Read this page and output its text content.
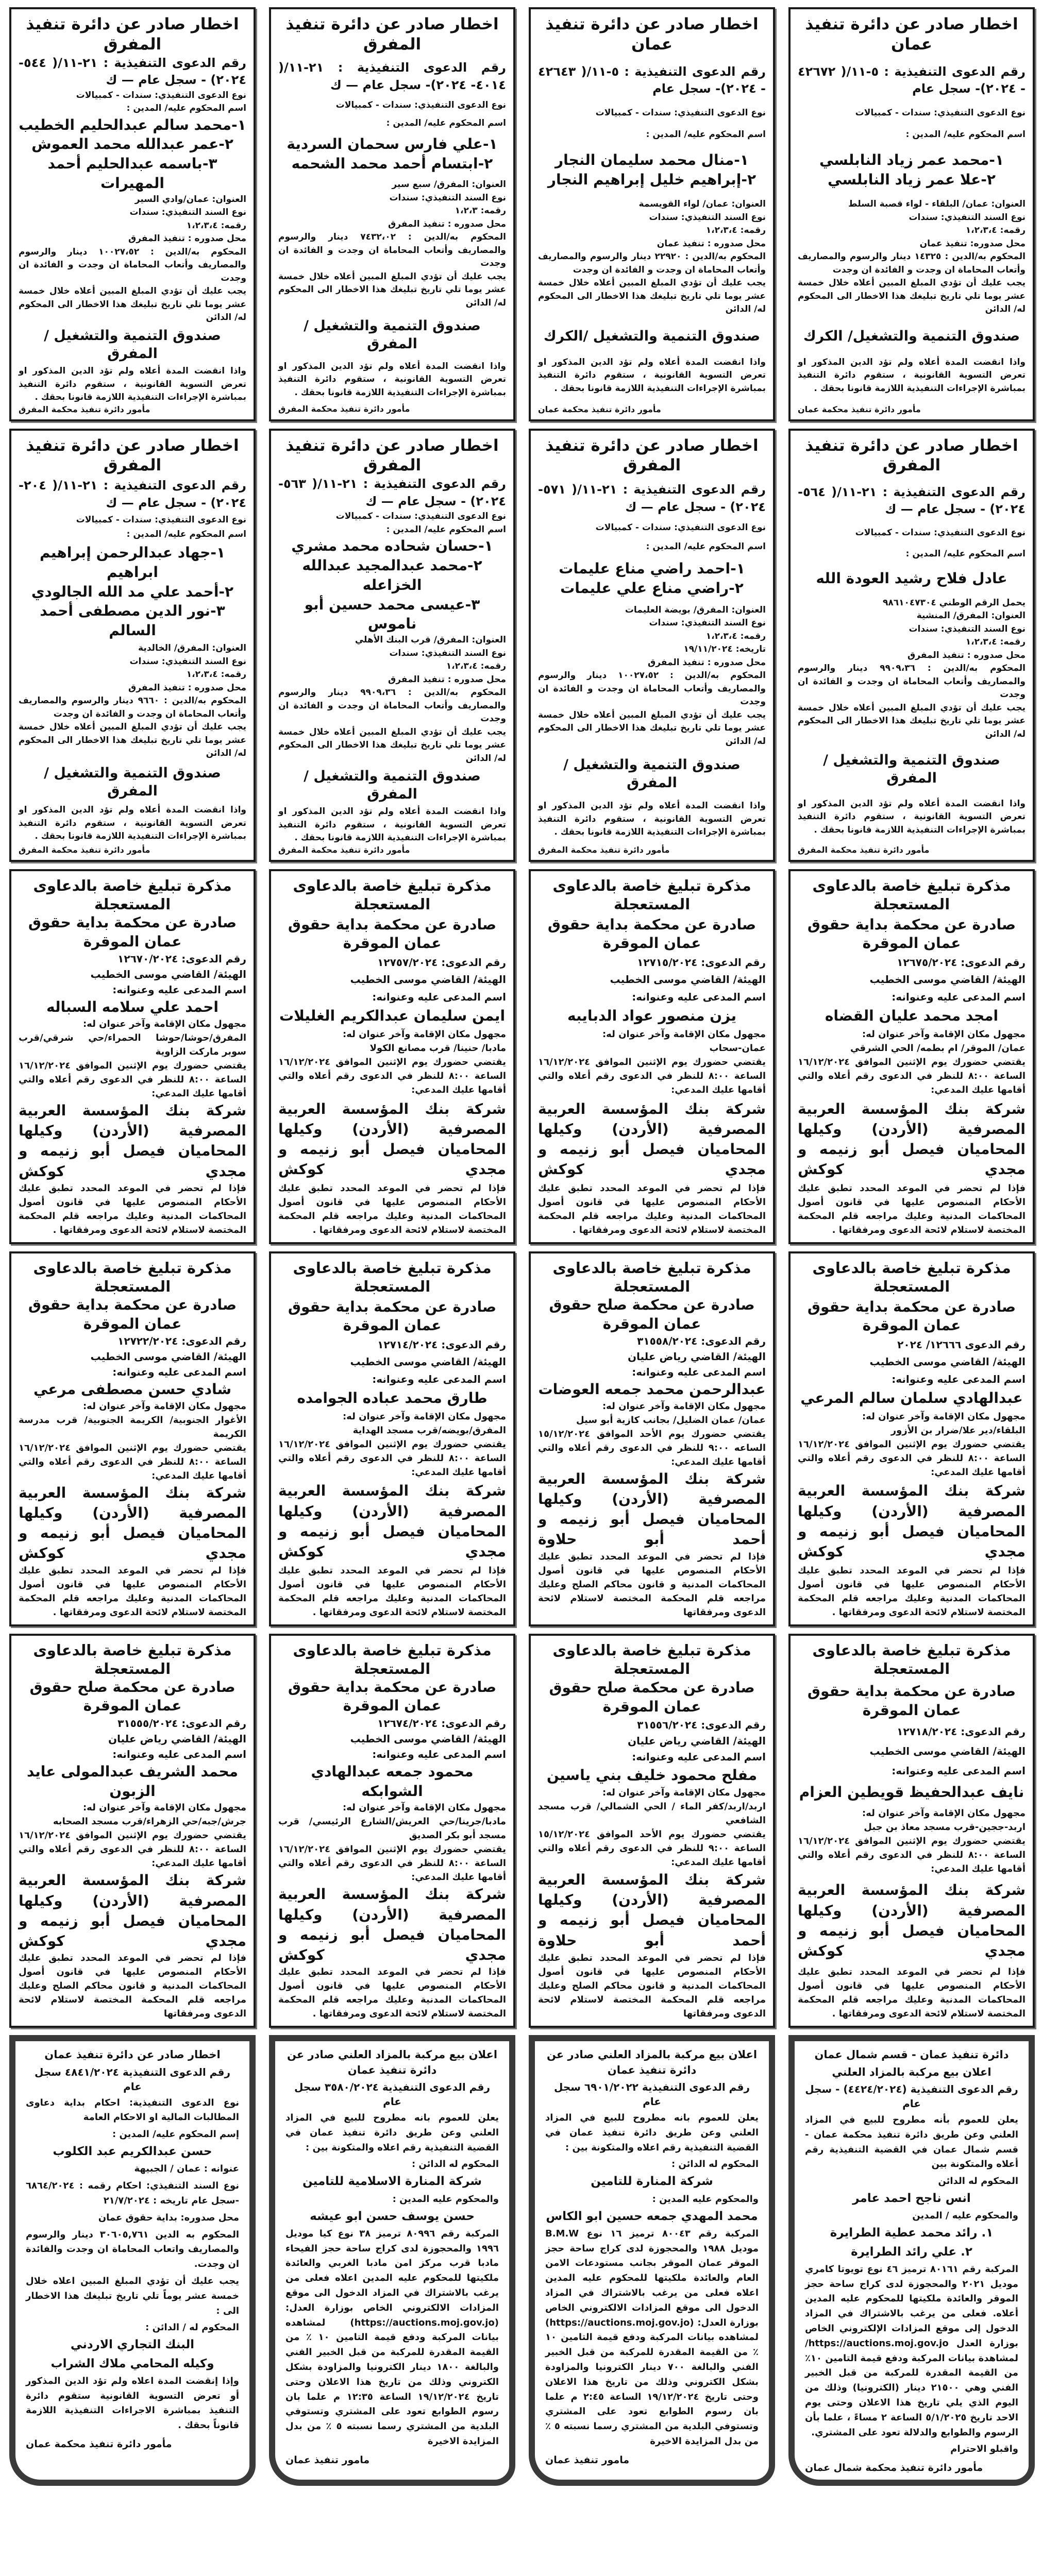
اخطار صادر عن دائرة تنفيذ
عمان
رقم الدعوى التنفيذية : ٥-١١/( ٤٢٦٧٢ - ٢٠٢٤)- سجل عام
نوع الدعوى التنفيذي: سندات - كمبيالات
اسم المحكوم عليه/ المدين :
١-محمد عمر زياد النابلسي
٢-علا عمر زياد النابلسي
العنوان: عمان/ البلقاء - لواء قصبة السلط
نوع السند التنفيذي: سندات
رقمه: ١،٢،٣،٤
محل صدوره: تنفيذ عمان
المحكوم به/الدين : ١٤٣٢٥ دينار والرسوم والمصاريف وأتعاب المحاماة ان وجدت و الفائدة ان وجدت
يجب عليك أن تؤدي المبلغ المبين أعلاه خلال خمسة عشر يوما تلي تاريخ تبليغك هذا الاخطار الى المحكوم له/ الدائن
صندوق التنمية والتشغيل/ الكرك
واذا انقضت المدة أعلاه ولم تؤد الدين المذكور او تعرض التسوية القانونية ، ستقوم دائرة التنفيذ بمباشرة الإجراءات التنفيذية اللازمة قانونا بحقك .
مأمور دائرة تنفيذ محكمة عمان
اخطار صادر عن دائرة تنفيذ
عمان
رقم الدعوى التنفيذية : ٥-١١/( ٤٢٦٤٣ - ٢٠٢٤)- سجل عام
نوع الدعوى التنفيذي: سندات - كمبيالات
اسم المحكوم عليه/ المدين :
١-منال محمد سليمان النجار
٢-إبراهيم خليل إبراهيم النجار
العنوان: عمان/ لواء القويسمة
نوع السند التنفيذي: سندات
رقمه: ١،٢،٣،٤
محل صدوره : تنفيذ عمان
المحكوم به/الدين : ٢٢٩٢٠ دينار والرسوم والمصاريف وأتعاب المحاماة ان وجدت و الفائدة ان وجدت
يجب عليك أن تؤدي المبلغ المبين أعلاه خلال خمسة عشر يوما تلي تاريخ تبليغك هذا الاخطار الى المحكوم له/ الدائن
صندوق التنمية والتشغيل /الكرك
واذا انقضت المدة أعلاه ولم تؤد الدين المذكور او تعرض التسوية القانونية ، ستقوم دائرة التنفيذ بمباشرة الإجراءات التنفيذية اللازمة قانونا بحقك .
مأمور دائرة تنفيذ محكمة عمان
اخطار صادر عن دائرة تنفيذ
المفرق
رقم الدعوى التنفيذية : ٢١-١١/( ٤٠١٤- ٢٠٢٤)- سجل عام — ك
نوع الدعوى التنفيذي: سندات - كمبيالات
اسم المحكوم عليه/ المدين :
١-علي فارس سحمان السردية
٢-ابتسام أحمد محمد الشحمه
العنوان: المفرق/ سبع سير
نوع السند التنفيذي: سندات
رقمه: ١،٢،٣
محل صدوره : تنفيذ المفرق
المحكوم به/الدين : ٧٤٣٢،٠٢ دينار والرسوم والمصاريف وأتعاب المحاماة ان وجدت و الفائدة ان وجدت
يجب عليك أن تؤدي المبلغ المبين أعلاه خلال خمسة عشر يوما تلي تاريخ تبليغك هذا الاخطار الى المحكوم له/ الدائن
صندوق التنمية والتشغيل / المفرق
واذا انقضت المدة أعلاه ولم تؤد الدين المذكور او تعرض التسوية القانونية ، ستقوم دائرة التنفيذ بمباشرة الإجراءات التنفيذية اللازمة قانونا بحقك .
مأمور دائرة تنفيذ محكمة المفرق
اخطار صادر عن دائرة تنفيذ
المفرق
رقم الدعوى التنفيذية : ٢١-١١/( ٥٤٤- ٢٠٢٤) - سجل عام — ك
نوع الدعوى التنفيذي: سندات - كمبيالات
اسم المحكوم عليه/ المدين :
١-محمد سالم عبدالحليم الخطيب
٢-عمر عبدالله محمد العموش
٣-باسمه عبدالحليم أحمد المهيرات
العنوان: عمان/وادي السير
نوع السند التنفيذي: سندات
رقمه: ١،٢،٣،٤
محل صدوره : تنفيذ المفرق
المحكوم به/الدين : ١٠٠٢٧،٥٢ دينار والرسوم والمصاريف وأتعاب المحاماة ان وجدت و الفائدة ان وجدت
يجب عليك أن تؤدي المبلغ المبين أعلاه خلال خمسة عشر يوما تلي تاريخ تبليغك هذا الاخطار الى المحكوم له/ الدائن
صندوق التنمية والتشغيل / المفرق
واذا انقضت المدة أعلاه ولم تؤد الدين المذكور او تعرض التسوية القانونية ، ستقوم دائرة التنفيذ بمباشرة الإجراءات التنفيذية اللازمة قانونا بحقك .
مأمور دائرة تنفيذ محكمة المفرق
اخطار صادر عن دائرة تنفيذ
المفرق
رقم الدعوى التنفيذية : ٢١-١١/( ٥٦٤- ٢٠٢٤) - سجل عام — ك
نوع الدعوى التنفيذي: سندات - كمبيالات
اسم المحكوم عليه/ المدين :
عادل فلاح رشيد العودة الله
يحمل الرقم الوطني ٩٨٦١٠٤٧٣٠٤
العنوان: المفرق/ المنشية
نوع السند التنفيذي: سندات
رقمه: ١،٢،٣،٤
محل صدوره : تنفيذ المفرق
المحكوم به/الدين : ٩٩٠٩،٣٦ دينار والرسوم والمصاريف وأتعاب المحاماة ان وجدت و الفائدة ان وجدت
يجب عليك أن تؤدي المبلغ المبين أعلاه خلال خمسة عشر يوما تلي تاريخ تبليغك هذا الاخطار الى المحكوم له/ الدائن
صندوق التنمية والتشغيل / المفرق
واذا انقضت المدة أعلاه ولم تؤد الدين المذكور او تعرض التسوية القانونية ، ستقوم دائرة التنفيذ بمباشرة الإجراءات التنفيذية اللازمة قانونا بحقك .
مأمور دائرة تنفيذ محكمة المفرق
اخطار صادر عن دائرة تنفيذ
المفرق
رقم الدعوى التنفيذية : ٢١-١١/( ٥٧١- ٢٠٢٤) - سجل عام — ك
نوع الدعوى التنفيذي: سندات - كمبيالات
اسم المحكوم عليه/ المدين :
١-احمد راضي مناع عليمات
٢-راضي مناع علي عليمات
العنوان: المفرق/ بويضة العليمات
نوع السند التنفيذي: سندات
رقمه: ١،٢،٣،٤
تاريخه: ١٩/١١/٢٠٢٤
محل صدوره : تنفيذ المفرق
المحكوم به/الدين : ١٠٠٢٧،٥٢ دينار والرسوم والمصاريف وأتعاب المحاماة ان وجدت و الفائدة ان وجدت
يجب عليك أن تؤدي المبلغ المبين أعلاه خلال خمسة عشر يوما تلي تاريخ تبليغك هذا الاخطار الى المحكوم له/ الدائن
صندوق التنمية والتشغيل / المفرق
واذا انقضت المدة أعلاه ولم تؤد الدين المذكور او تعرض التسوية القانونية ، ستقوم دائرة التنفيذ بمباشرة الإجراءات التنفيذية اللازمة قانونا بحقك .
مأمور دائرة تنفيذ محكمة المفرق
اخطار صادر عن دائرة تنفيذ
المفرق
رقم الدعوى التنفيذية : ٢١-١١/( ٥٦٣- ٢٠٢٤) - سجل عام — ك
نوع الدعوى التنفيذي: سندات - كمبيالات
اسم المحكوم عليه/ المدين :
١-حسان شحاده محمد مشري
٢-محمد عبدالمجيد عبدالله الخزاعله
٣-عيسى محمد حسين أبو ناموس
العنوان: المفرق/ قرب البنك الأهلي
نوع السند التنفيذي: سندات
رقمه: ١،٢،٣،٤
محل صدوره : تنفيذ المفرق
المحكوم به/الدين : ٩٩٠٩،٣٦ دينار والرسوم والمصاريف وأتعاب المحاماة ان وجدت و الفائدة ان وجدت
يجب عليك أن تؤدي المبلغ المبين أعلاه خلال خمسة عشر يوما تلي تاريخ تبليغك هذا الاخطار الى المحكوم له/ الدائن
صندوق التنمية والتشغيل / المفرق
واذا انقضت المدة أعلاه ولم تؤد الدين المذكور او تعرض التسوية القانونية ، ستقوم دائرة التنفيذ بمباشرة الإجراءات التنفيذية اللازمة قانونا بحقك .
مأمور دائرة تنفيذ محكمة المفرق
اخطار صادر عن دائرة تنفيذ
المفرق
رقم الدعوى التنفيذية : ٢١-١١/( ٢٠٤- ٢٠٢٤) - سجل عام — ك
نوع الدعوى التنفيذي: سندات - كمبيالات
اسم المحكوم عليه/ المدين :
١-جهاد عبدالرحمن إبراهيم ابراهيم
٢-أحمد علي مد الله الجالودي
٣-نور الدين مصطفى أحمد السالم
العنوان: المفرق/ الخالدية
نوع السند التنفيذي: سندات
رقمه: ١،٢،٣،٤
محل صدوره : تنفيذ المفرق
المحكوم به/الدين : ٩٦٦٠ دينار والرسوم والمصاريف وأتعاب المحاماة ان وجدت و الفائدة ان وجدت
يجب عليك أن تؤدي المبلغ المبين أعلاه خلال خمسة عشر يوما تلي تاريخ تبليغك هذا الاخطار الى المحكوم له/ الدائن
صندوق التنمية والتشغيل / المفرق
واذا انقضت المدة أعلاه ولم تؤد الدين المذكور او تعرض التسوية القانونية ، ستقوم دائرة التنفيذ بمباشرة الإجراءات التنفيذية اللازمة قانونا بحقك .
مأمور دائرة تنفيذ محكمة المفرق
مذكرة تبليغ خاصة بالدعاوى المستعجلة
صادرة عن محكمة بداية حقوق عمان الموقرة
رقم الدعوى: ١٢٦٧٥/٢٠٢٤
الهيئة/ القاضي موسى الخطيب
اسم المدعى عليه وعنوانه:
امجد محمد عليان القضاه
مجهول مكان الإقامة وآخر عنوان له:
عمان/ الموقر/ ام بطمه/ الحي الشرقي
يقتضي حضورك يوم الإثنين الموافق ١٦/١٢/٢٠٢٤ الساعة ٨:٠٠ للنظر في الدعوى رقم أعلاه والتي أقامها عليك المدعي:
شركة بنك المؤسسة العربية المصرفية (الأردن) وكيلها المحاميان فيصل أبو زنيمه و مجدي كوكش
فإذا لم تحضر في الموعد المحدد تطبق عليك الأحكام المنصوص عليها في قانون أصول المحاكمات المدنية وعليك مراجعه قلم المحكمة المختصة لاستلام لائحة الدعوى ومرفقاتها .
مذكرة تبليغ خاصة بالدعاوى المستعجلة
صادرة عن محكمة بداية حقوق عمان الموقرة
رقم الدعوى: ١٢٧١٥/٢٠٢٤
الهيئة/ القاضي موسى الخطيب
اسم المدعى عليه وعنوانه:
يزن منصور عواد الدبايبه
مجهول مكان الإقامة وآخر عنوان له:
عمان-سحاب
يقتضي حضورك يوم الإثنين الموافق ١٦/١٢/٢٠٢٤ الساعة ٨:٠٠ للنظر في الدعوى رقم أعلاه والتي أقامها عليك المدعي:
شركة بنك المؤسسة العربية المصرفية (الأردن) وكيلها المحاميان فيصل أبو زنيمه و مجدي كوكش
فإذا لم تحضر في الموعد المحدد تطبق عليك الأحكام المنصوص عليها في قانون أصول المحاكمات المدنية وعليك مراجعه قلم المحكمة المختصة لاستلام لائحة الدعوى ومرفقاتها .
مذكرة تبليغ خاصة بالدعاوى المستعجلة
صادرة عن محكمة بداية حقوق عمان الموقرة
رقم الدعوى: ١٢٧٥٧/٢٠٢٤
الهيئة/ القاضي موسى الخطيب
اسم المدعى عليه وعنوانه:
ايمن سليمان عبدالكريم الغليلات
مجهول مكان الإقامة وآخر عنوان له:
مادبا/ حنينا/ قرب مصانع الكولا
يقتضي حضورك يوم الإثنين الموافق ١٦/١٢/٢٠٢٤ الساعة ٨:٠٠ للنظر في الدعوى رقم أعلاه والتي أقامها عليك المدعي:
شركة بنك المؤسسة العربية المصرفية (الأردن) وكيلها المحاميان فيصل أبو زنيمه و مجدي كوكش
فإذا لم تحضر في الموعد المحدد تطبق عليك الأحكام المنصوص عليها في قانون أصول المحاكمات المدنية وعليك مراجعه قلم المحكمة المختصة لاستلام لائحة الدعوى ومرفقاتها .
مذكرة تبليغ خاصة بالدعاوى المستعجلة
صادرة عن محكمة بداية حقوق عمان الموقرة
رقم الدعوى: ١٢٦٧٠/٢٠٢٤
الهيئة/ القاضي موسى الخطيب
اسم المدعى عليه وعنوانه:
احمد علي سلامه السباله
مجهول مكان الإقامة وآخر عنوان له:
المفرق/حوشا/حوشا الحمراء/حي شرقي/قرب سوبر ماركت الزاوية
يقتضي حضورك يوم الإثنين الموافق ١٦/١٢/٢٠٢٤ الساعة ٨:٠٠ للنظر في الدعوى رقم أعلاه والتي أقامها عليك المدعي:
شركة بنك المؤسسة العربية المصرفية (الأردن) وكيلها المحاميان فيصل أبو زنيمه و مجدي كوكش
فإذا لم تحضر في الموعد المحدد تطبق عليك الأحكام المنصوص عليها في قانون أصول المحاكمات المدنية وعليك مراجعه قلم المحكمة المختصة لاستلام لائحة الدعوى ومرفقاتها .
مذكرة تبليغ خاصة بالدعاوى المستعجلة
صادرة عن محكمة بداية حقوق عمان الموقرة
رقم الدعوى ١٢٦٦٦/ ٢٠٢٤
الهيئة/ القاضي موسى الخطيب
اسم المدعى عليه وعنوانه:
عبدالهادي سلمان سالم المرعي
مجهول مكان الإقامة وآخر عنوان له:
البلقاء/دير علا/ضرار بن الأزور
يقتضي حضورك يوم الإثنين الموافق ١٦/١٢/٢٠٢٤ الساعة ٨:٠٠ للنظر في الدعوى رقم أعلاه والتي أقامها عليك المدعي:
شركة بنك المؤسسة العربية المصرفية (الأردن) وكيلها المحاميان فيصل أبو زنيمه و مجدي كوكش
فإذا لم تحضر في الموعد المحدد تطبق عليك الأحكام المنصوص عليها في قانون أصول المحاكمات المدنية وعليك مراجعه قلم المحكمة المختصة لاستلام لائحة الدعوى ومرفقاتها .
مذكرة تبليغ خاصة بالدعاوى المستعجلة
صادرة عن محكمة صلح حقوق عمان الموقرة
رقم الدعوى: ٣١٥٥٨/٢٠٢٤
الهيئة/ القاضي رياض عليان
اسم المدعى عليه وعنوانه:
عبدالرحمن محمد جمعه العوضات
مجهول مكان الإقامة وآخر عنوان له:
عمان/ عمان الضليل/ بجانب كازية أبو سيل
يقتضي حضورك يوم الأحد الموافق ١٥/١٢/٢٠٢٤ الساعه ٩:٠٠ للنظر في الدعوى رقم أعلاه والتي أقامها عليك المدعي:
شركة بنك المؤسسة العربية المصرفية (الأردن) وكيلها المحاميان فيصل أبو زنيمه و أحمد أبو حلاوة
فإذا لم تحضر في الموعد المحدد تطبق عليك الأحكام المنصوص عليها في قانون أصول المحاكمات المدنية و قانون محاكم الصلح وعليك مراجعه قلم المحكمة المختصة لاستلام لائحة الدعوى ومرفقاتها
مذكرة تبليغ خاصة بالدعاوى المستعجلة
صادرة عن محكمة بداية حقوق عمان الموقرة
رقم الدعوى: ١٢٧١٤/٢٠٢٤
الهيئة/ القاضي موسى الخطيب
اسم المدعى عليه وعنوانه:
طارق محمد عباده الجوامده
مجهول مكان الإقامة وآخر عنوان له:
المفرق/بويضه/قرب مسجد الهداية
يقتضي حضورك يوم الإثنين الموافق ١٦/١٢/٢٠٢٤ الساعة ٨:٠٠ للنظر في الدعوى رقم أعلاه والتي أقامها عليك المدعي:
شركة بنك المؤسسة العربية المصرفية (الأردن) وكيلها المحاميان فيصل أبو زنيمه و مجدي كوكش
فإذا لم تحضر في الموعد المحدد تطبق عليك الأحكام المنصوص عليها في قانون أصول المحاكمات المدنية وعليك مراجعه قلم المحكمة المختصة لاستلام لائحة الدعوى ومرفقاتها .
مذكرة تبليغ خاصة بالدعاوى المستعجلة
صادرة عن محكمة بداية حقوق عمان الموقرة
رقم الدعوى: ١٢٧٢٢/٢٠٢٤
الهيئة/ القاضي موسى الخطيب
اسم المدعى عليه وعنوانه:
شادي حسن مصطفى مرعي
مجهول مكان الإقامة وآخر عنوان له:
الأغوار الجنوبية/ الكريمة الجنوبية/ قرب مدرسة الكريمة
يقتضي حضورك يوم الإثنين الموافق ١٦/١٢/٢٠٢٤ الساعة ٨:٠٠ للنظر في الدعوى رقم أعلاه والتي أقامها عليك المدعي:
شركة بنك المؤسسة العربية المصرفية (الأردن) وكيلها المحاميان فيصل أبو زنيمه و مجدي كوكش
فإذا لم تحضر في الموعد المحدد تطبق عليك الأحكام المنصوص عليها في قانون أصول المحاكمات المدنية وعليك مراجعه قلم المحكمة المختصة لاستلام لائحة الدعوى ومرفقاتها .
مذكرة تبليغ خاصة بالدعاوى المستعجلة
صادرة عن محكمة بداية حقوق عمان الموقرة
رقم الدعوى: ١٢٧١٨/٢٠٢٤
الهيئة/ القاضي موسى الخطيب
اسم المدعى عليه وعنوانه:
نايف عبدالحفيظ قويطين العزام
مجهول مكان الإقامة وآخر عنوان له:
اربد-ججين-قرب مسجد معاذ بن جبل
يقتضي حضورك يوم الإثنين الموافق ١٦/١٢/٢٠٢٤ الساعة ٨:٠٠ للنظر في الدعوى رقم أعلاه والتي أقامها عليك المدعي:
شركة بنك المؤسسة العربية المصرفية (الأردن) وكيلها المحاميان فيصل أبو زنيمه و مجدي كوكش
فإذا لم تحضر في الموعد المحدد تطبق عليك الأحكام المنصوص عليها في قانون أصول المحاكمات المدنية وعليك مراجعه قلم المحكمة المختصة لاستلام لائحة الدعوى ومرفقاتها .
مذكرة تبليغ خاصة بالدعاوى المستعجلة
صادرة عن محكمة صلح حقوق عمان الموقرة
رقم الدعوى: ٣١٥٥٦/٢٠٢٤
الهيئة/ القاضي رياض عليان
اسم المدعى عليه وعنوانه:
مفلح محمود خليف بني ياسين
مجهول مكان الإقامة وآخر عنوان له:
اربد/اربد/كفر الماء / الحي الشمالي/ قرب مسجد الشافعي
يقتضي حضورك يوم الأحد الموافق ١٥/١٢/٢٠٢٤ الساعة ٩:٠٠ للنظر في الدعوى رقم أعلاه والتي أقامها عليك المدعي:
شركة بنك المؤسسة العربية المصرفية (الأردن) وكيلها المحاميان فيصل أبو زنيمه و أحمد أبو حلاوة
فإذا لم تحضر في الموعد المحدد تطبق عليك الأحكام المنصوص عليها في قانون أصول المحاكمات المدنية و قانون محاكم الصلح وعليك مراجعه قلم المحكمة المختصة لاستلام لائحة الدعوى ومرفقاتها
مذكرة تبليغ خاصة بالدعاوى المستعجلة
صادرة عن محكمة بداية حقوق عمان الموقرة
رقم الدعوى: ١٢٦٧٤/٢٠٢٤
الهيئة/ القاضي موسى الخطيب
اسم المدعى عليه وعنوانه:
محمود جمعه عبدالهادي الشوابكه
مجهول مكان الإقامة وآخر عنوان له:
مادبا/جرينا/حي العريش/الشارع الرئيسي/ قرب مسجد أبو بكر الصديق
يقتضي حضورك يوم الإثنين الموافق ١٦/١٢/٢٠٢٤ الساعة ٨:٠٠ للنظر في الدعوى رقم أعلاه والتي أقامها عليك المدعي:
شركة بنك المؤسسة العربية المصرفية (الأردن) وكيلها المحاميان فيصل أبو زنيمه و مجدي كوكش
فإذا لم تحضر في الموعد المحدد تطبق عليك الأحكام المنصوص عليها في قانون أصول المحاكمات المدنية وعليك مراجعه قلم المحكمة المختصة لاستلام لائحة الدعوى ومرفقاتها .
مذكرة تبليغ خاصة بالدعاوى المستعجلة
صادرة عن محكمة صلح حقوق عمان الموقرة
رقم الدعوى: ٣١٥٥٥/٢٠٢٤
الهيئة/ القاضي رياض عليان
اسم المدعى عليه وعنوانه:
محمد الشريف عبدالمولى عايد الزبون
مجهول مكان الإقامة وآخر عنوان له:
جرش/جبه/حي الزهراء/قرب مسجد الصحابه
يقتضي حضورك يوم الإثنين الموافق ١٦/١٢/٢٠٢٤ الساعة ٨:٠٠ للنظر في الدعوى رقم أعلاه والتي أقامها عليك المدعي:
شركة بنك المؤسسة العربية المصرفية (الأردن) وكيلها المحاميان فيصل أبو زنيمه و مجدي كوكش
فإذا لم تحضر في الموعد المحدد تطبق عليك الأحكام المنصوص عليها في قانون أصول المحاكمات المدنية و قانون محاكم الصلح وعليك مراجعه قلم المحكمة المختصة لاستلام لائحة الدعوى ومرفقاتها
دائرة تنفيذ عمان - قسم شمال عمان
اعلان بيع مركبة بالمزاد العلني
رقم الدعوى التنفيذية (٤٤٢٤/٢٠٢٤) - سجل عام
يعلن للعموم بأنه مطروح للبيع في المزاد العلني وعن طريق دائرة تنفيذ محكمة عمان - قسم شمال عمان في القضية التنفيذية رقم أعلاه والمتكونة بين
المحكوم له الدائن
انس ناجح احمد عامر
والمحكوم عليه / المدين
١. رائد محمد عطية الطرايرة
٢. علي رائد الطرايرة
المركبة رقم ٨٠١٦١ ترميز ٤٦ نوع تويوتا كامري موديل ٢٠٢١ والمحجوزة لدى كراج ساحة حجز الموقر والعائدة ملكيتها للمحكوم عليه المدين أعلاه. فعلى من يرغب بالاشتراك في المزاد الدخول إلى موقع المزادات الإلكتروني الخاص بوزارة العدل https://auctions.moj.gov.jo/ لمشاهدة بيانات المركبة ودفع قيمة التامين ١٠٪ من القيمة المقدرة للمركبة من قبل الخبير الفني وهي ٢١٥٠٠ دينار (الكترونيا) وذلك من اليوم الذي يلي تاريخ هذا الاعلان وحتى يوم الاحد تاريخ ٥/١/٢٠٢٥ الساعة ٢ مساءً ، علما بأن الرسوم والطوابع والدلالة تعود على المشتري.
واقبلو الاحترام
مأمور دائرة تنفيذ محكمة شمال عمان
اعلان بيع مركبة بالمزاد العلني صادر عن دائرة تنفيذ عمان
رقم الدعوى التنفيذية ٦٩٠١/٢٠٢٢ سجل عام
يعلن للعموم بانه مطروح للبيع في المزاد العلني وعن طريق دائرة تنفيذ عمان في القضية التنفيذية رقم اعلاه والمتكونة بين :
المحكوم له الدائن :
شركة المنارة للتامين
والمحكوم عليه المدين :
محمد المهدي جمعه حسين ابو الكاس
المركبة رقم ٨٠٠٤٣ ترميز ١٦ نوع B.M.W موديل ١٩٨٨ والمحجوزة لدى كراج ساحة حجز الموقر عمان الموقر بجانب مستودعات الامن العام والعائدة ملكيتها للمحكوم عليه المدين اعلاه فعلى من يرغب بالاشتراك في المزاد الدخول الى موقع المزادات الالكتروني الخاص بوزارة العدل: (https://auctions.moj.gov.jo) لمشاهده بيانات المركبة ودفع قيمة التامين ١٠ ٪ من القيمة المقدرة للمركبة من قبل الخبير الفني والبالغة ٧٠٠ دينار الكترونيا والمزاودة بشكل الكتروني وذلك من تاريخ هذا الاعلان وحتى تاريخ ١٩/١٢/٢٠٢٤ الساعة ٢:٤٥ م علما بان رسوم الطوابع تعود على المشتري وتستوفي البلدية من المشتري رسما نسبته ٥ ٪ من بدل المزايدة الاخيرة
مامور تنفيذ عمان
اعلان بيع مركبة بالمزاد العلني صادر عن دائرة تنفيذ عمان
رقم الدعوى التنفيذية ٣٥٨٠/٢٠٢٤ سجل عام
يعلن للعموم بانه مطروح للبيع في المزاد العلني وعن طريق دائرة تنفيذ عمان في القضية التنفيذية رقم اعلاه والمتكونة بين :
المحكوم له الدائن :
شركة المنارة الاسلامية للتامين
والمحكوم عليه المدين :
حسن يوسف حسن ابو عيشه
المركبة رقم ٨٠٩٩٦ ترميز ٣٨ نوع كيا موديل ١٩٩٦ والمحجوزة لدى كراج ساحة حجز الفيحاء مادبا قرب مركز امن مادبا الغربي والعائدة ملكيتها للمحكوم عليه المدين اعلاه فعلى من يرغب بالاشتراك في المزاد الدخول الى موقع المزادات الالكتروني الخاص بوزارة العدل: (https://auctions.moj.gov.jo) لمشاهده بيانات المركبة ودفع قيمة التامين ١٠ ٪ من القيمة المقدرة للمركبة من قبل الخبير الفني والبالغة ١٨٠٠ دينار الكترونيا والمزاودة بشكل الكتروني وذلك من تاريخ هذا الاعلان وحتى تاريخ ١٩/١٢/٢٠٢٤ الساعة ١٢:٣٥ م علما بان رسوم الطوابع تعود على المشتري وتستوفي البلدية من المشتري رسما نسبته ٥ ٪ من بدل المزايدة الاخيرة
مامور تنفيذ عمان
اخطار صادر عن دائرة تنفيذ عمان
رقم الدعوى التنفيذية ٤٨٤١/٢٠٢٤ سجل عام
نوع الدعوى التنفيذية: احكام بداية دعاوى المطالبات المالية او الاحكام العامة
إسم المحكوم عليه/ المدين :
حسن عبدالكريم عبد الكلوب
عنوانه : عمان / الجبيهة
نوع السند التنفيذي: احكام رقمه : ٦٨٦٤/٢٠٢٤ -سجل عام تاريخه : ٢١/٧/٢٠٢٤
محل صدوره: بداية حقوق عمان
المحكوم به الدين ٣٠٦٠٥,٧٦١ دينار والرسوم والمصاريف واتعاب المحاماة ان وجدت والفائدة ان وجدت.
يجب عليك أن تؤدي المبلغ المبين اعلاه خلال خمسة عشر يوماً تلي تاريخ تبليغك هذا الاخطار الى :
المحكوم له / الدائن :
البنك التجاري الاردني
وكيله المحامي ملاك الشراب
وإذا إنقضت المدة اعلاه ولم تؤد الدين المذكور أو تعرض التسوية القانونية ستقوم دائرة التنفيذ بمباشرة الاجراءات التنفيذية اللازمة قانوناً بحقك .
مأمور دائرة تنفيذ محكمة عمان
